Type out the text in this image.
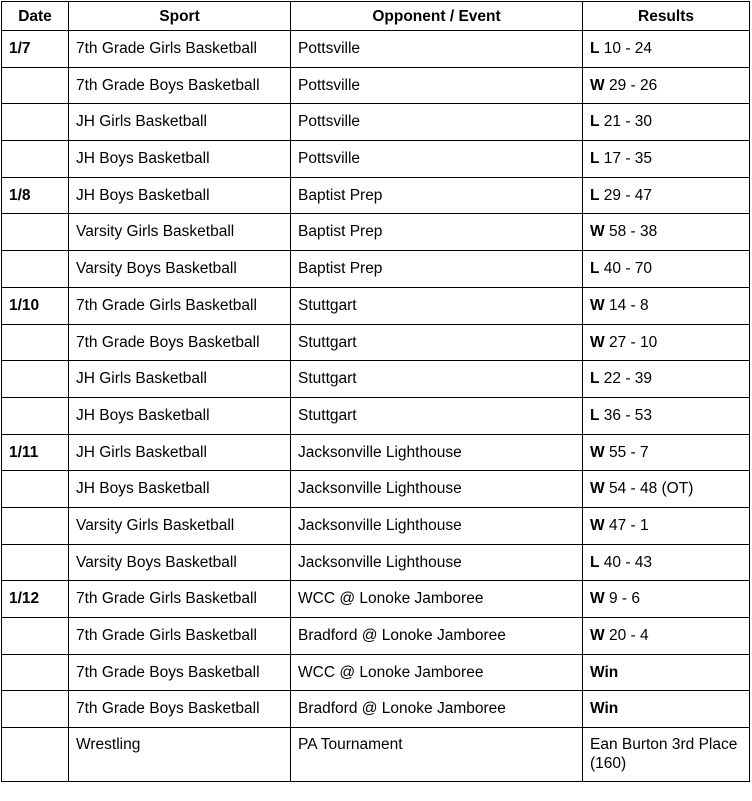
Date	Sport	Opponent / Event	Results
1/7	7th Grade Girls Basketball	Pottsville	L 10 - 24
	7th Grade Boys Basketball	Pottsville	W 29 - 26
	JH Girls Basketball	Pottsville	L 21 - 30
	JH Boys Basketball	Pottsville	L 17 - 35
1/8	JH Boys Basketball	Baptist Prep	L 29 - 47
	Varsity Girls Basketball	Baptist Prep	W 58 - 38
	Varsity Boys Basketball	Baptist Prep	L 40 - 70
1/10	7th Grade Girls Basketball	Stuttgart	W 14 - 8
	7th Grade Boys Basketball	Stuttgart	W 27 - 10
	JH Girls Basketball	Stuttgart	L 22 - 39
	JH Boys Basketball	Stuttgart	L 36 - 53
1/11	JH Girls Basketball	Jacksonville Lighthouse	W 55 - 7
	JH Boys Basketball	Jacksonville Lighthouse	W 54 - 48 (OT)
	Varsity Girls Basketball	Jacksonville Lighthouse	W 47 - 1
	Varsity Boys Basketball	Jacksonville Lighthouse	L 40 - 43
1/12	7th Grade Girls Basketball	WCC @ Lonoke Jamboree	W 9 - 6
	7th Grade Girls Basketball	Bradford @ Lonoke Jamboree	W 20 - 4
	7th Grade Boys Basketball	WCC @ Lonoke Jamboree	Win
	7th Grade Boys Basketball	Bradford @ Lonoke Jamboree	Win
	Wrestling	PA Tournament	Ean Burton 3rd Place (160)
